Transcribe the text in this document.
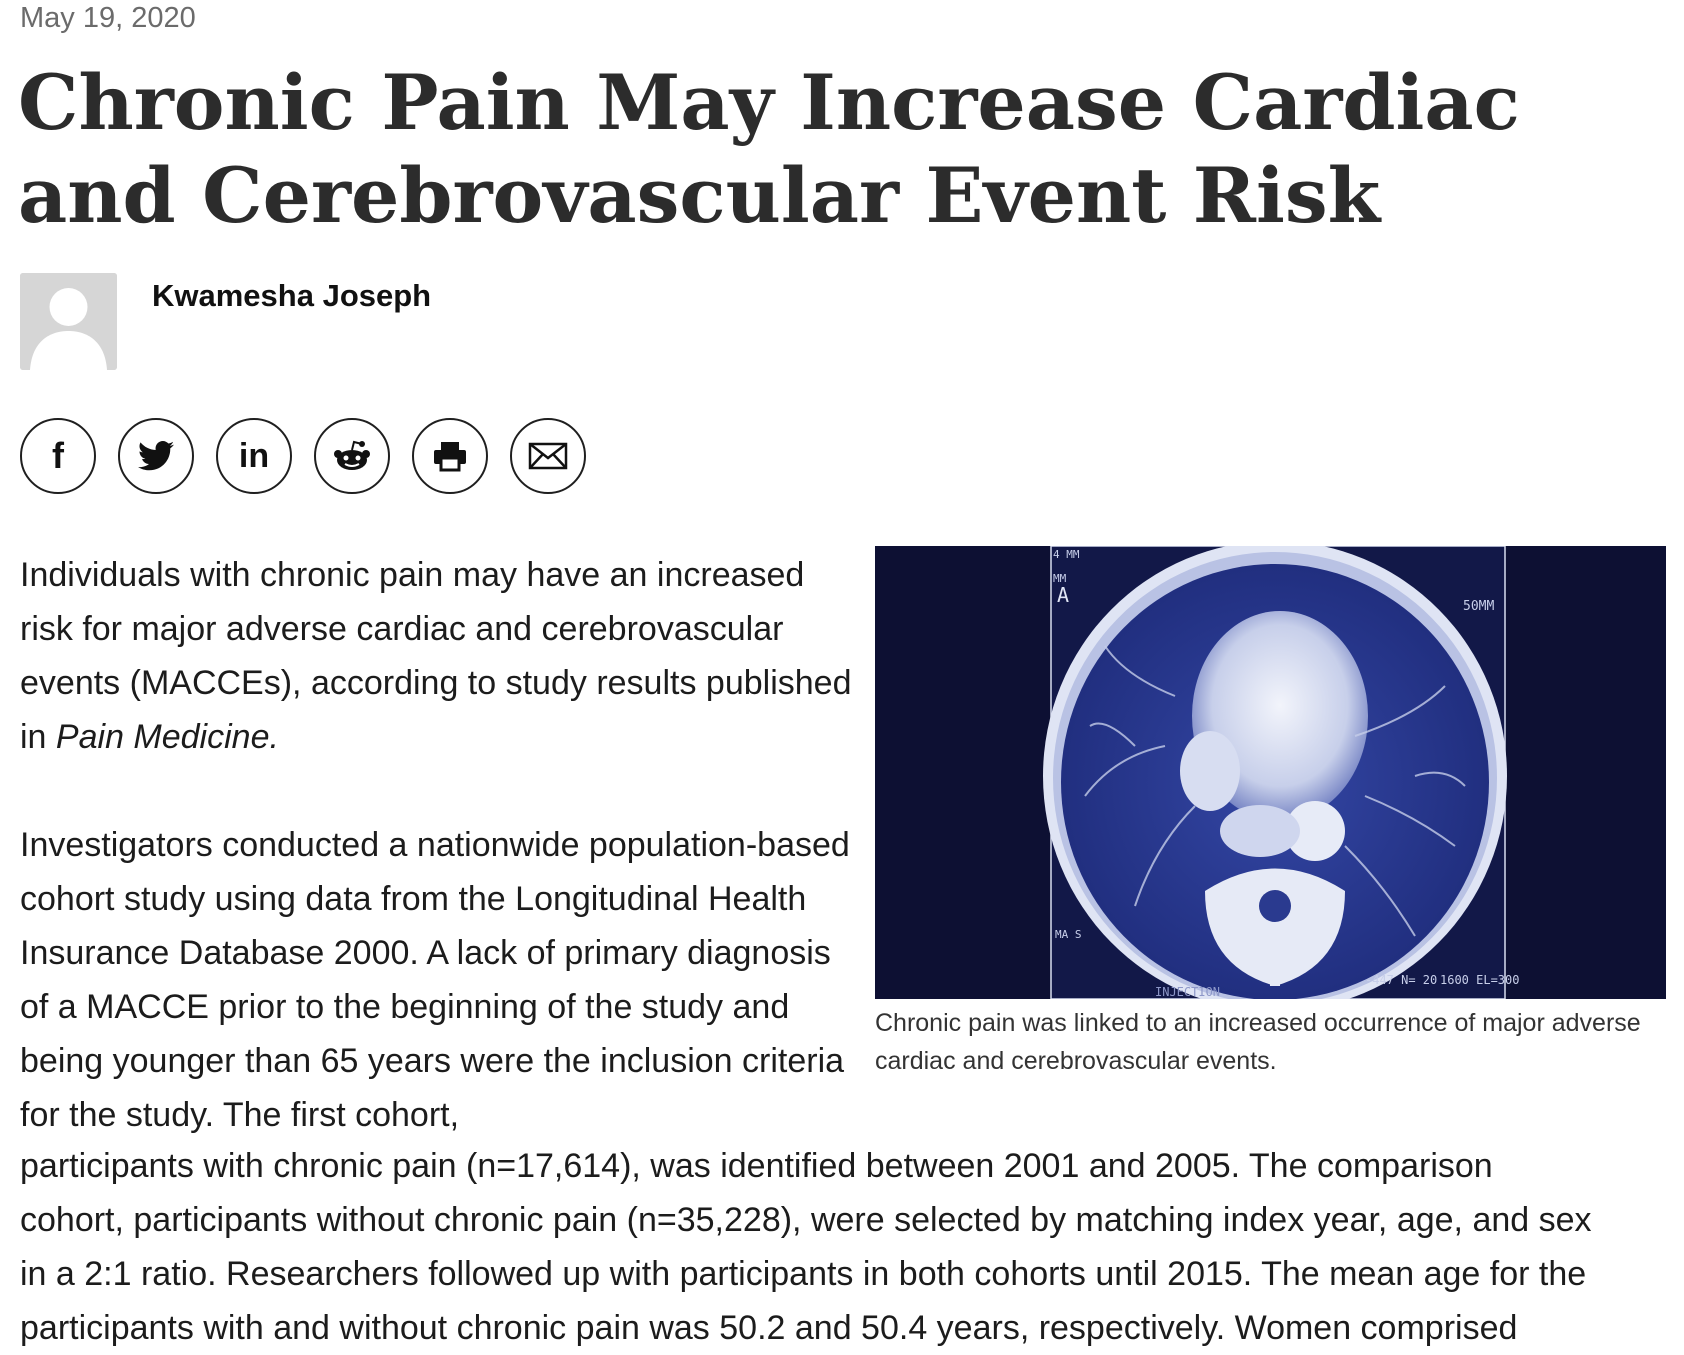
May 19, 2020
Chronic Pain May Increase Cardiac and Cerebrovascular Event Risk
Kwamesha Joseph
f	in

Individuals with chronic pain may have an increased risk for major adverse cardiac and cerebrovascular events (MACCEs), according to study results published in Pain Medicine.

Investigators conducted a nationwide population-based cohort study using data from the Longitudinal Health Insurance Database 2000. A lack of primary diagnosis of a MACCE prior to the beginning of the study and being younger than 65 years were the inclusion criteria for the study. The first cohort,

participants with chronic pain (n=17,614), was identified between 2001 and 2005. The comparison
cohort, participants without chronic pain (n=35,228), were selected by matching index year, age, and sex
in a 2:1 ratio. Researchers followed up with participants in both cohorts until 2015. The mean age for the
participants with and without chronic pain was 50.2 and 50.4 years, respectively. Women comprised
4 MM
MM
A	50MM
MA S
-447 N= 20 1600 EL=300
INJECTION
Chronic pain was linked to an increased occurrence of major adverse cardiac and cerebrovascular events.
